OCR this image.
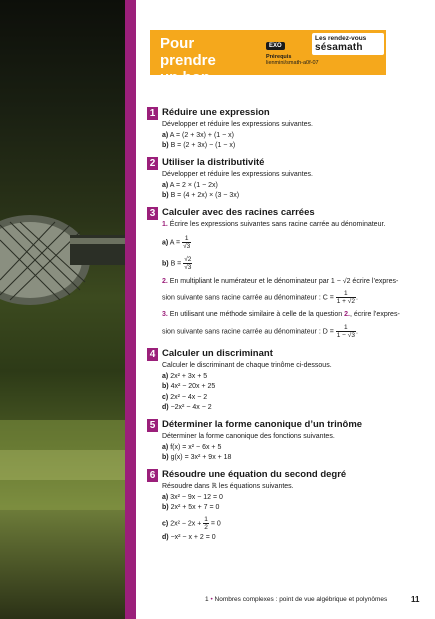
Pour prendre
un bon départ
EXO
Prérequis
lienmini/smath-a0f-07
Les rendez-vous
sésamath
1 Réduire une expression
Développer et réduire les expressions suivantes.
a) A = (2 + 3x) + (1 − x)
b) B = (2 + 3x) − (1 − x)
2 Utiliser la distributivité
Développer et réduire les expressions suivantes.
a) A = 2 × (1 − 2x)
b) B = (4 + 2x) × (3 − 3x)
3 Calculer avec des racines carrées
1. Écrire les expressions suivantes sans racine carrée au dénominateur.
a) $A = \frac{1}{√3}$
b) $B = \frac{√2}{√3}$
2. En multipliant le numérateur et le dénominateur par 1 − √2 écrire l’expres-
sion suivante sans racine carrée au dénominateur : $C = \frac{1}{1 + √2}$ .
3. En utilisant une méthode similaire à celle de la question 2., écrire l’expres-
sion suivante sans racine carrée au dénominateur : $D = \frac{1}{1 - √3}$ .
4 Calculer un discriminant
Calculer le discriminant de chaque trinôme ci-dessous.
a) 2x² + 3x + 5
b) 4x² − 20x + 25
c) 2x² − 4x − 2
d) −2x² − 4x − 2
5 Déterminer la forme canonique d’un trinôme
Déterminer la forme canonique des fonctions suivantes.
a) f(x) = x² − 6x + 5
b) g(x) = 3x² + 9x + 18
6 Résoudre une équation du second degré
Résoudre dans ℝ les équations suivantes.
a) 3x² − 9x − 12 = 0
b) 2x² + 5x + 7 = 0
c) $2x^2 - 2x + \frac{1}{2} = 0$
d) −x² − x + 2 = 0
1 • Nombres complexes : point de vue algébrique et polynômes	11
